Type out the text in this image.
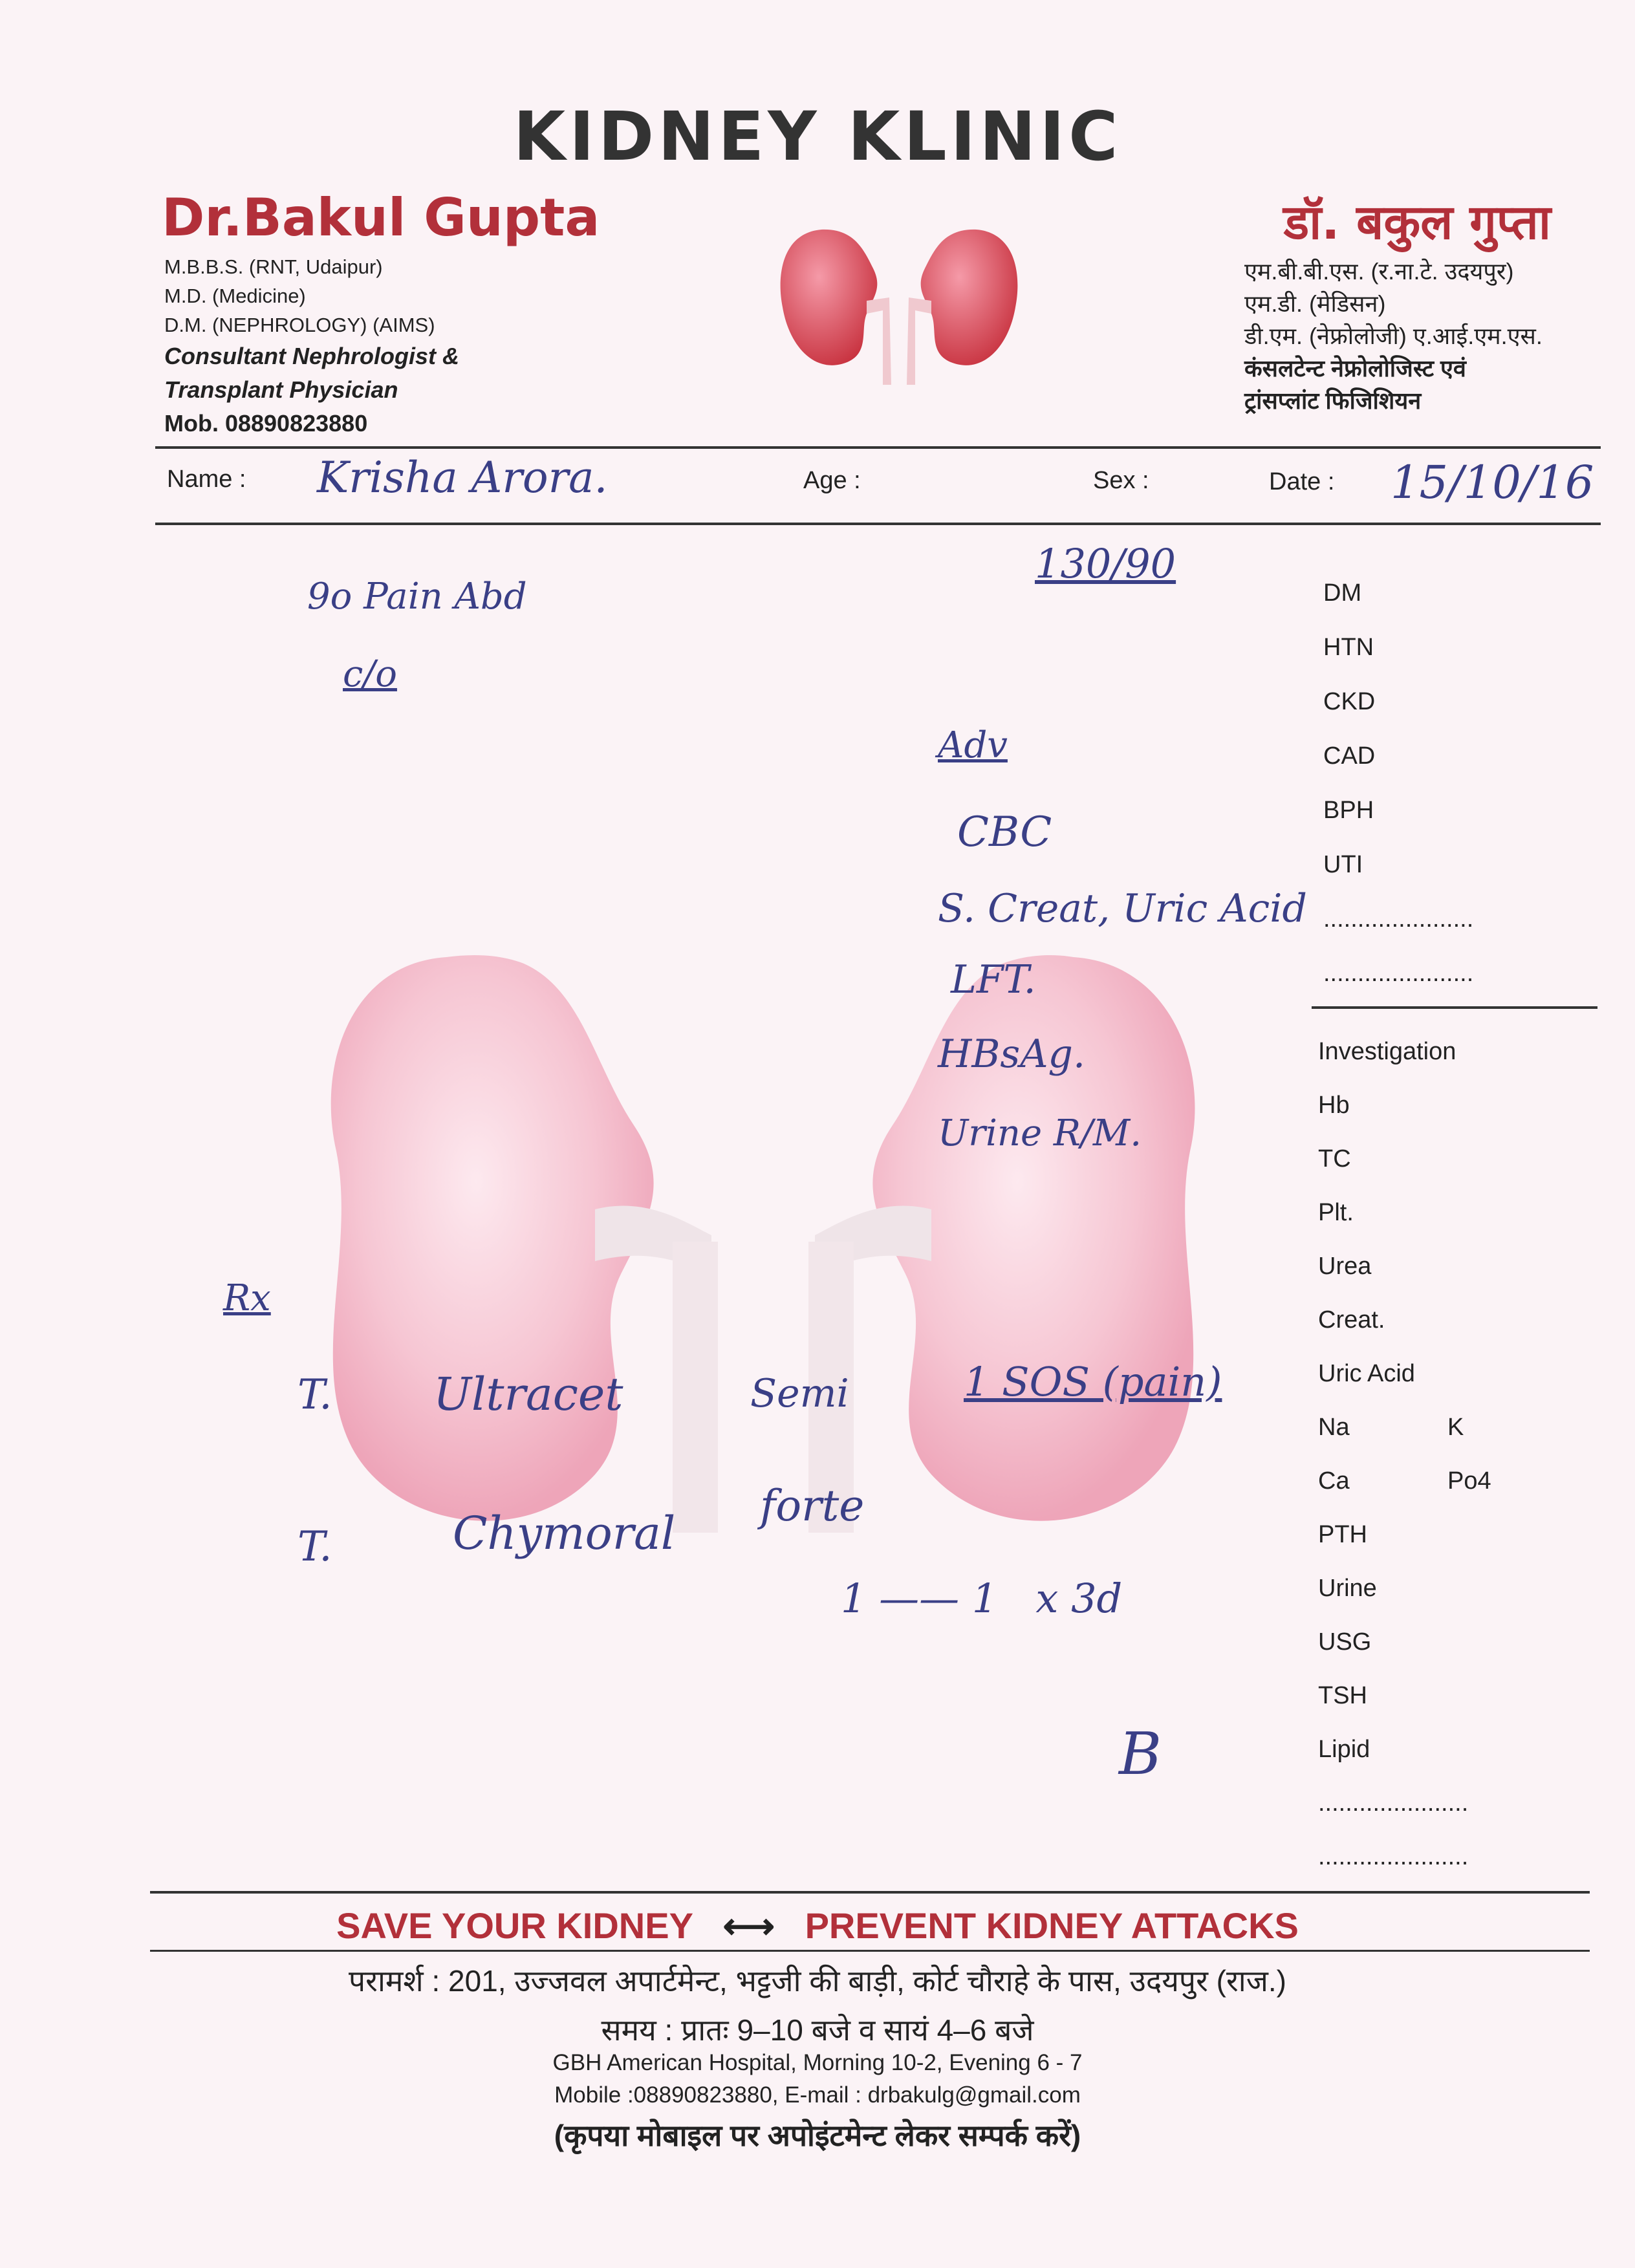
KIDNEY KLINIC
Dr.Bakul Gupta
M.B.B.S. (RNT, Udaipur)
M.D. (Medicine)
D.M. (NEPHROLOGY) (AIMS)
Consultant Nephrologist &
Transplant Physician
Mob. 08890823880
डॉ. बकुल गुप्ता
एम.बी.बी.एस. (र.ना.टे. उदयपुर)
एम.डी. (मेडिसन)
डी.एम. (नेफ्रोलोजी) ए.आई.एम.एस.
कंसलटेन्ट नेफ्रोलोजिस्ट एवं
ट्रांसप्लांट फिजिशियन
Name : Krisha Arora.	Age :	Sex :	Date : 15/10/16
DM
HTN
CKD
CAD
BPH
UTI
......................
......................
Investigation
Hb
TC
Plt.
Urea
Creat.
Uric Acid
Na	K
Ca	Po4
PTH
Urine
USG
TSH
Lipid
......................
......................
9o Pain Abd
c/o
130/90
Adv
CBC
S. Creat, Uric Acid
LFT.
HBsAg.
Urine R/M.
Rx
T. Ultracet	Semi	1 SOS (pain)
T.	Chymoral
forte
1 —— 1   x 3d
B
SAVE YOUR KIDNEY ⟷ PREVENT KIDNEY ATTACKS
परामर्श : 201, उज्जवल अपार्टमेन्ट, भट्टजी की बाड़ी, कोर्ट चौराहे के पास, उदयपुर (राज.)
समय : प्रातः 9–10 बजे व सायं 4–6 बजे
GBH American Hospital, Morning 10-2, Evening 6 - 7
Mobile :08890823880, E-mail : drbakulg@gmail.com
(कृपया मोबाइल पर अपोइंटमेन्ट लेकर सम्पर्क करें)
